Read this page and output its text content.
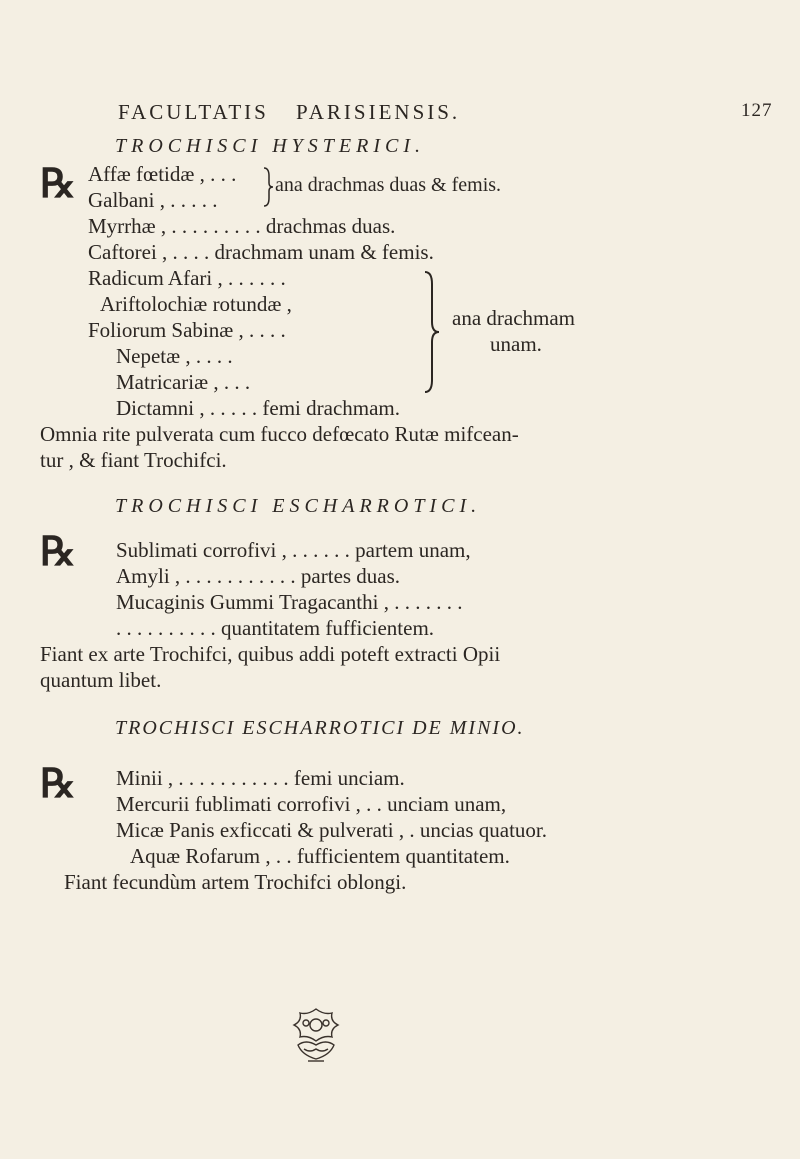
FACULTATIS PARISIENSIS.	127
TROCHISCI HYSTERICI.
℞ Affæ fœtidæ , . . .
Galbani , . . . . .
ana drachmas duas & femis.
Myrrhæ , . . . . . . . . . drachmas duas.
Caftorei , . . . . drachmam unam & femis.
Radicum Afari , . . . . . .
Ariftolochiæ rotundæ ,
Foliorum Sabinæ , . . . .
Nepetæ , . . . .
Matricariæ , . . .
ana drachmam
unam.
Dictamni , . . . . . femi drachmam.
Omnia rite pulverata cum fucco defœcato Rutæ mifcean-
tur , & fiant Trochifci.
TROCHISCI ESCHARROTICI.
℞ Sublimati corrofivi , . . . . . . partem unam,
Amyli , . . . . . . . . . . . partes duas.
Mucaginis Gummi Tragacanthi , . . . . . . .
. . . . . . . . . . quantitatem fufficientem.
Fiant ex arte Trochifci, quibus addi poteft extracti Opii
quantum libet.
TROCHISCI ESCHARROTICI DE MINIO.
℞ Minii , . . . . . . . . . . . femi unciam.
Mercurii fublimati corrofivi , . . unciam unam,
Micæ Panis exficcati & pulverati , . uncias quatuor.
Aquæ Rofarum , . . fufficientem quantitatem.
Fiant fecundùm artem Trochifci oblongi.
